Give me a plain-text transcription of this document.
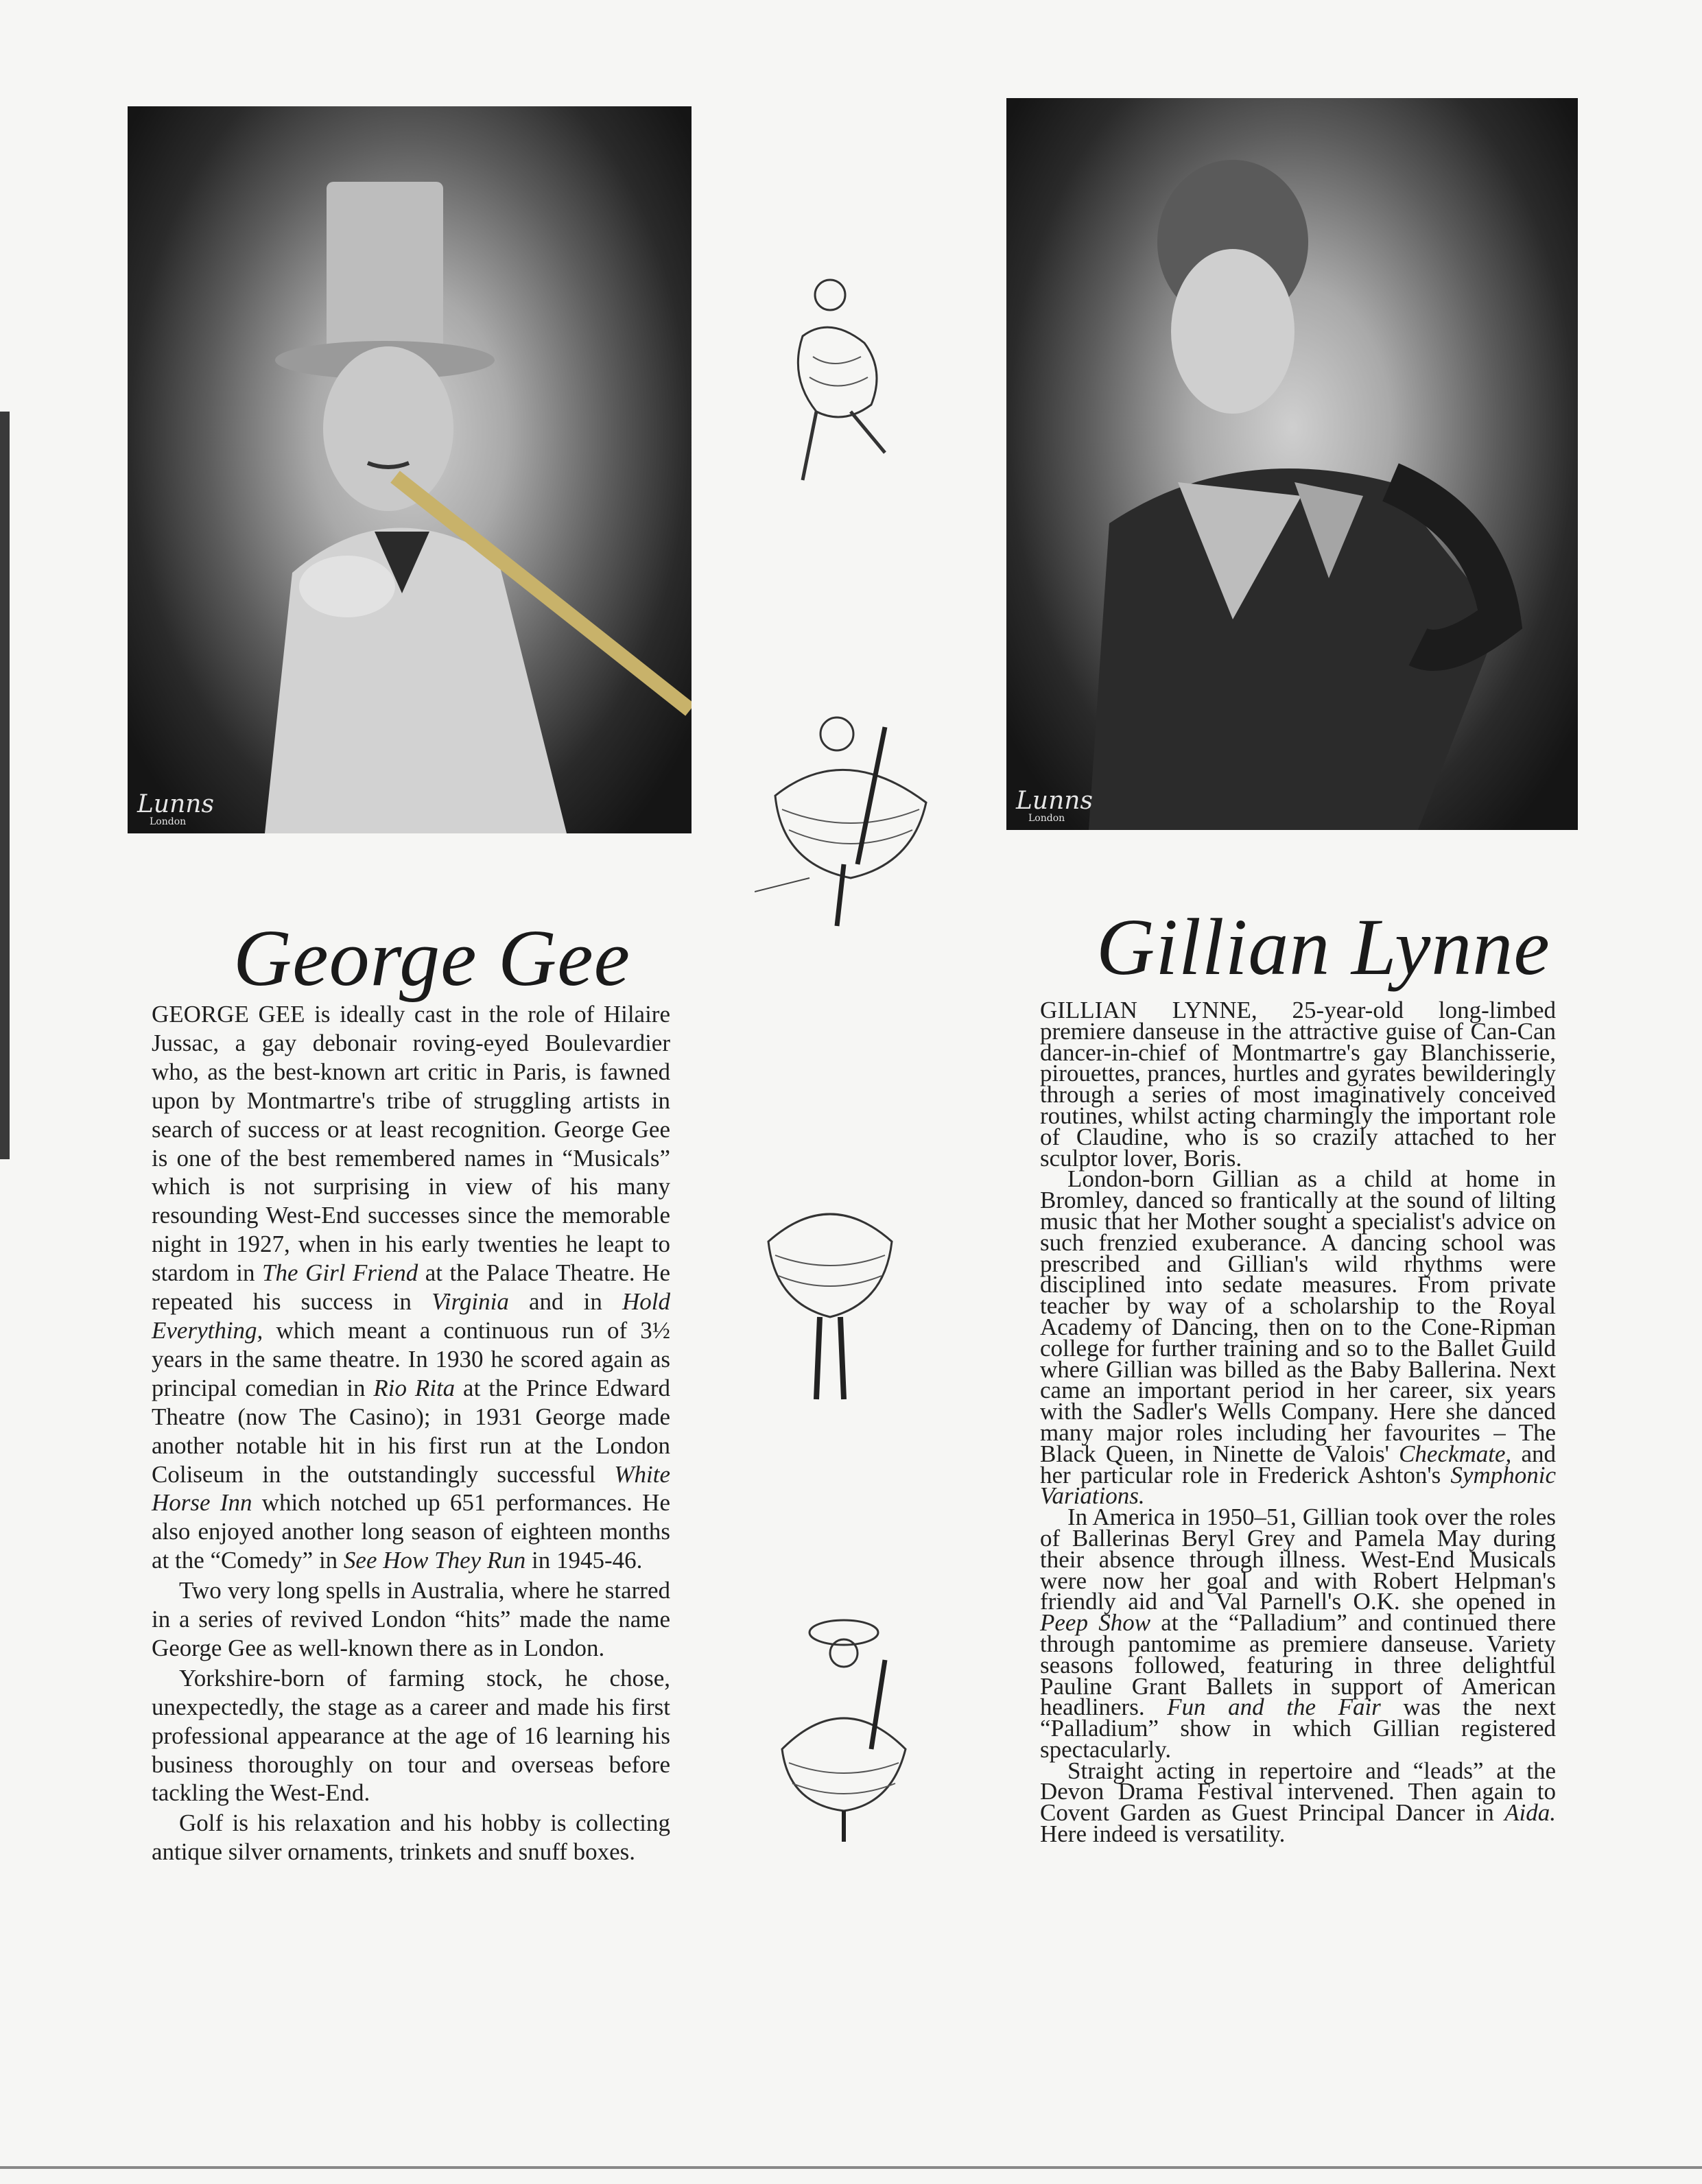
Lunns
London
Lunns
London
George Gee	Gillian Lynne

GEORGE GEE is ideally cast in the role of Hilaire Jussac, a gay debonair roving-eyed Boulevardier who, as the best-known art critic in Paris, is fawned upon by Montmartre's tribe of struggling artists in search of success or at least recognition. George Gee is one of the best remembered names in “Musicals” which is not surprising in view of his many resounding West-End successes since the memorable night in 1927, when in his early twenties he leapt to stardom in The Girl Friend at the Palace Theatre. He repeated his success in Virginia and in Hold Everything, which meant a continuous run of 3½ years in the same theatre. In 1930 he scored again as principal comedian in Rio Rita at the Prince Edward Theatre (now The Casino); in 1931 George made another notable hit in his first run at the London Coliseum in the outstandingly successful White Horse Inn which notched up 651 performances. He also enjoyed another long season of eighteen months at the “Comedy” in See How They Run in 1945-46.

Two very long spells in Australia, where he starred in a series of revived London “hits” made the name George Gee as well-known there as in London.

Yorkshire-born of farming stock, he chose, unexpectedly, the stage as a career and made his first professional appearance at the age of 16 learning his business thoroughly on tour and overseas before tackling the West-End.

Golf is his relaxation and his hobby is collecting antique silver ornaments, trinkets and snuff boxes.

GILLIAN LYNNE, 25-year-old long-limbed premiere danseuse in the attractive guise of Can-Can dancer-in-chief of Montmartre's gay Blanchisserie, pirouettes, prances, hurtles and gyrates bewilderingly through a series of most imaginatively conceived routines, whilst acting charmingly the important role of Claudine, who is so crazily attached to her sculptor lover, Boris.

London-born Gillian as a child at home in Bromley, danced so frantically at the sound of lilting music that her Mother sought a specialist's advice on such frenzied exuberance. A dancing school was prescribed and Gillian's wild rhythms were disciplined into sedate measures. From private teacher by way of a scholarship to the Royal Academy of Dancing, then on to the Cone-Ripman college for further training and so to the Ballet Guild where Gillian was billed as the Baby Ballerina. Next came an important period in her career, six years with the Sadler's Wells Company. Here she danced many major roles including her favourites – The Black Queen, in Ninette de Valois' Checkmate, and her particular role in Frederick Ashton's Symphonic Variations.

In America in 1950–51, Gillian took over the roles of Ballerinas Beryl Grey and Pamela May during their absence through illness. West-End Musicals were now her goal and with Robert Helpman's friendly aid and Val Parnell's O.K. she opened in Peep Show at the “Palladium” and continued there through pantomime as premiere danseuse. Variety seasons followed, featuring in three delightful Pauline Grant Ballets in support of American headliners. Fun and the Fair was the next “Palladium” show in which Gillian registered spectacularly.

Straight acting in repertoire and “leads” at the Devon Drama Festival intervened. Then again to Covent Garden as Guest Principal Dancer in Aida. Here indeed is versatility.
